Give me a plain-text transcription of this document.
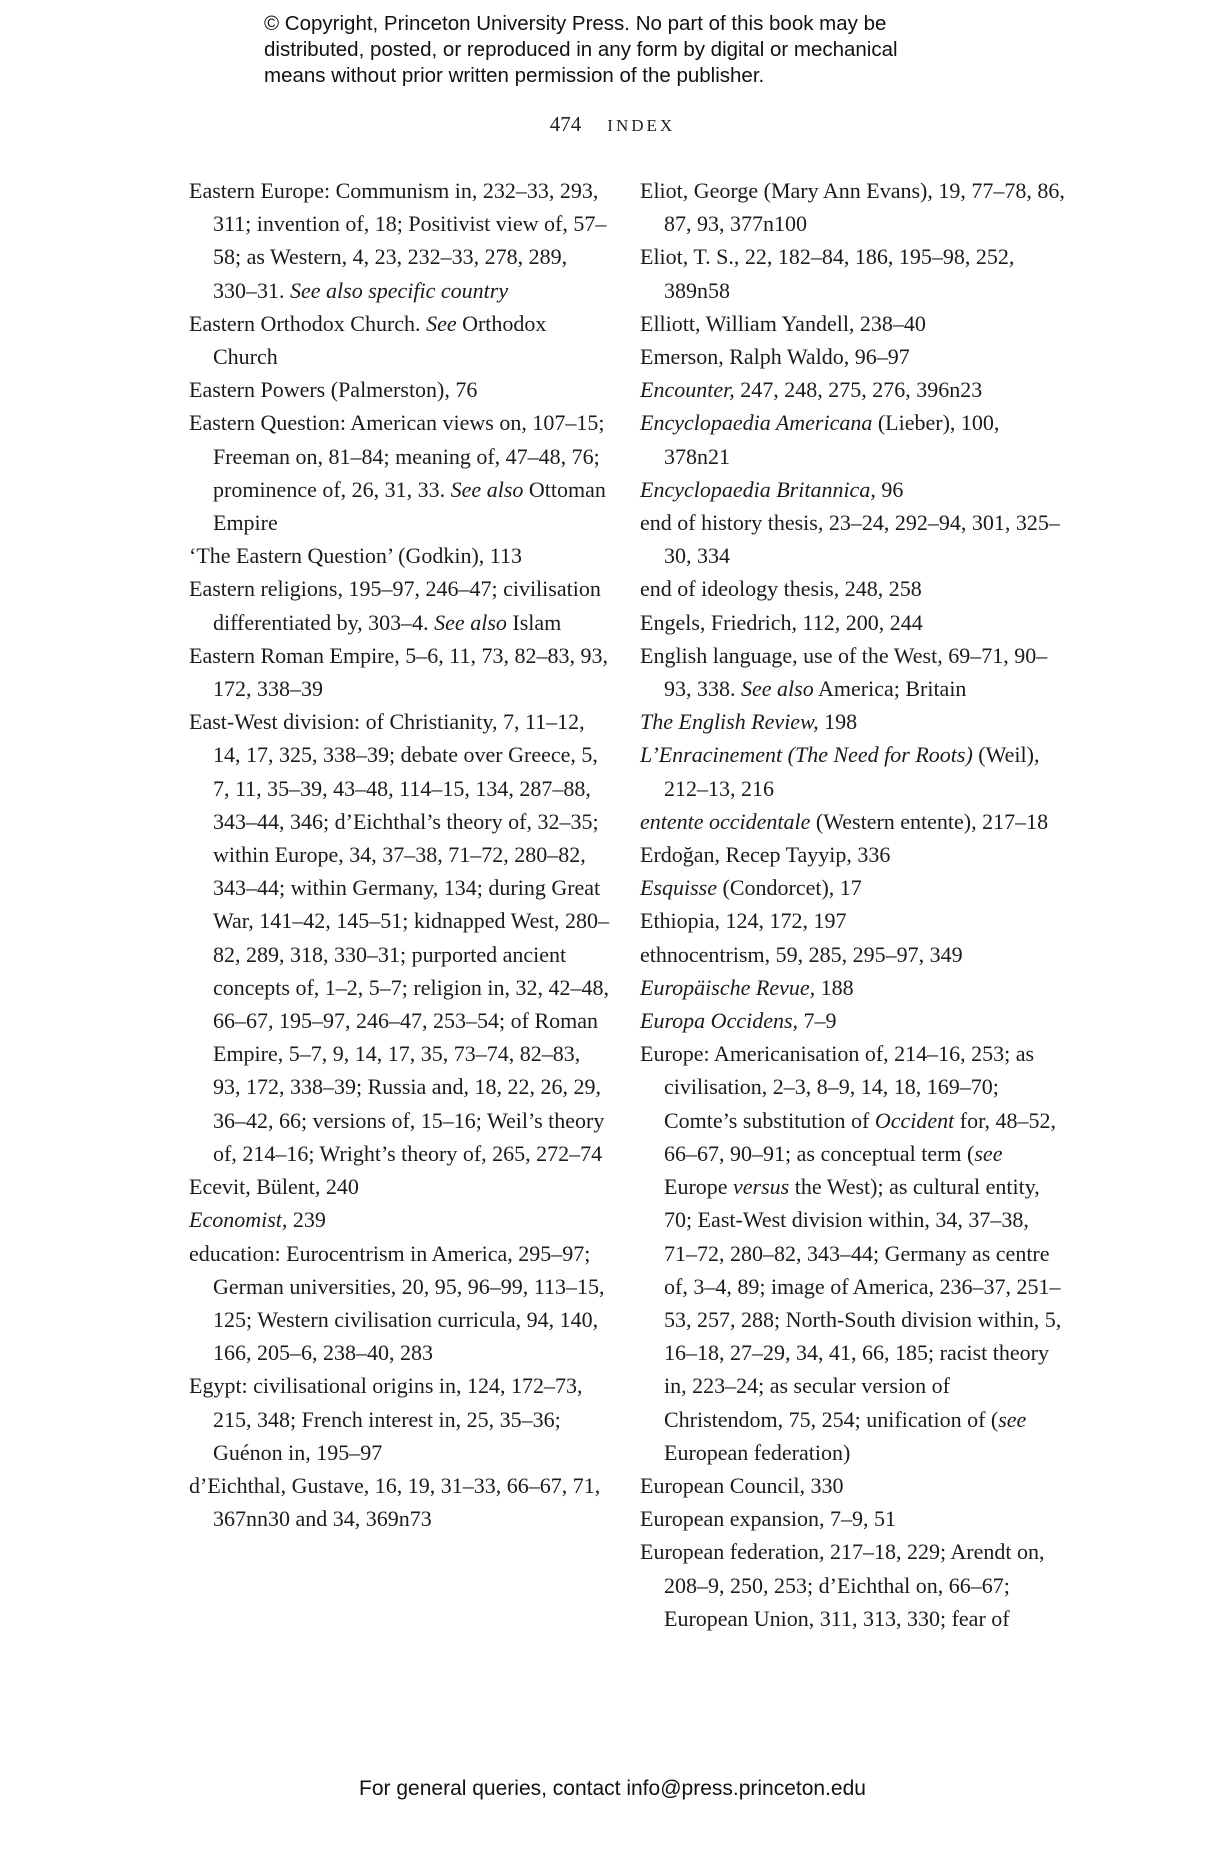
© Copyright, Princeton University Press. No part of this book may be
distributed, posted, or reproduced in any form by digital or mechanical
means without prior written permission of the publisher.
474 INDEX

Eastern Europe: Communism in, 232–33, 293, 311; invention of, 18; Positivist view of, 57–58; as Western, 4, 23, 232–33, 278, 289, 330–31. See also specific country

Eastern Orthodox Church. See Orthodox Church

Eastern Powers (Palmerston), 76

Eastern Question: American views on, 107–15; Freeman on, 81–84; meaning of, 47–48, 76; prominence of, 26, 31, 33. See also Ottoman Empire

‘The Eastern Question’ (Godkin), 113

Eastern religions, 195–97, 246–47; civilisation differentiated by, 303–4. See also Islam

Eastern Roman Empire, 5–6, 11, 73, 82–83, 93, 172, 338–39

East-West division: of Christianity, 7, 11–12, 14, 17, 325, 338–39; debate over Greece, 5, 7, 11, 35–39, 43–48, 114–15, 134, 287–88, 343–44, 346; d’Eichthal’s theory of, 32–35; within Europe, 34, 37–38, 71–72, 280–82, 343–44; within Germany, 134; during Great War, 141–42, 145–51; kidnapped West, 280–82, 289, 318, 330–31; purported ancient concepts of, 1–2, 5–7; religion in, 32, 42–48, 66–67, 195–97, 246–47, 253–54; of Roman Empire, 5–7, 9, 14, 17, 35, 73–74, 82–83, 93, 172, 338–39; Russia and, 18, 22, 26, 29, 36–42, 66; versions of, 15–16; Weil’s theory of, 214–16; Wright’s theory of, 265, 272–74

Ecevit, Bülent, 240

Economist, 239

education: Eurocentrism in America, 295–97; German universities, 20, 95, 96–99, 113–15, 125; Western civilisation curricula, 94, 140, 166, 205–6, 238–40, 283

Egypt: civilisational origins in, 124, 172–73, 215, 348; French interest in, 25, 35–36; Guénon in, 195–97

d’Eichthal, Gustave, 16, 19, 31–33, 66–67, 71, 367nn30 and 34, 369n73

Eliot, George (Mary Ann Evans), 19, 77–78, 86, 87, 93, 377n100

Eliot, T. S., 22, 182–84, 186, 195–98, 252, 389n58

Elliott, William Yandell, 238–40

Emerson, Ralph Waldo, 96–97

Encounter, 247, 248, 275, 276, 396n23

Encyclopaedia Americana (Lieber), 100, 378n21

Encyclopaedia Britannica, 96

end of history thesis, 23–24, 292–94, 301, 325–30, 334

end of ideology thesis, 248, 258

Engels, Friedrich, 112, 200, 244

English language, use of the West, 69–71, 90–93, 338. See also America; Britain

The English Review, 198

L’Enracinement (The Need for Roots) (Weil), 212–13, 216

entente occidentale (Western entente), 217–18

Erdoğan, Recep Tayyip, 336

Esquisse (Condorcet), 17

Ethiopia, 124, 172, 197

ethnocentrism, 59, 285, 295–97, 349

Europäische Revue, 188

Europa Occidens, 7–9

Europe: Americanisation of, 214–16, 253; as civilisation, 2–3, 8–9, 14, 18, 169–70; Comte’s substitution of Occident for, 48–52, 66–67, 90–91; as conceptual term (see Europe versus the West); as cultural entity, 70; East-West division within, 34, 37–38, 71–72, 280–82, 343–44; Germany as centre of, 3–4, 89; image of America, 236–37, 251–53, 257, 288; North-South division within, 5, 16–18, 27–29, 34, 41, 66, 185; racist theory in, 223–24; as secular version of Christendom, 75, 254; unification of (see European federation)

European Council, 330

European expansion, 7–9, 51

European federation, 217–18, 229; Arendt on, 208–9, 250, 253; d’Eichthal on, 66–67; European Union, 311, 313, 330; fear of

For general queries, contact info@press.princeton.edu
